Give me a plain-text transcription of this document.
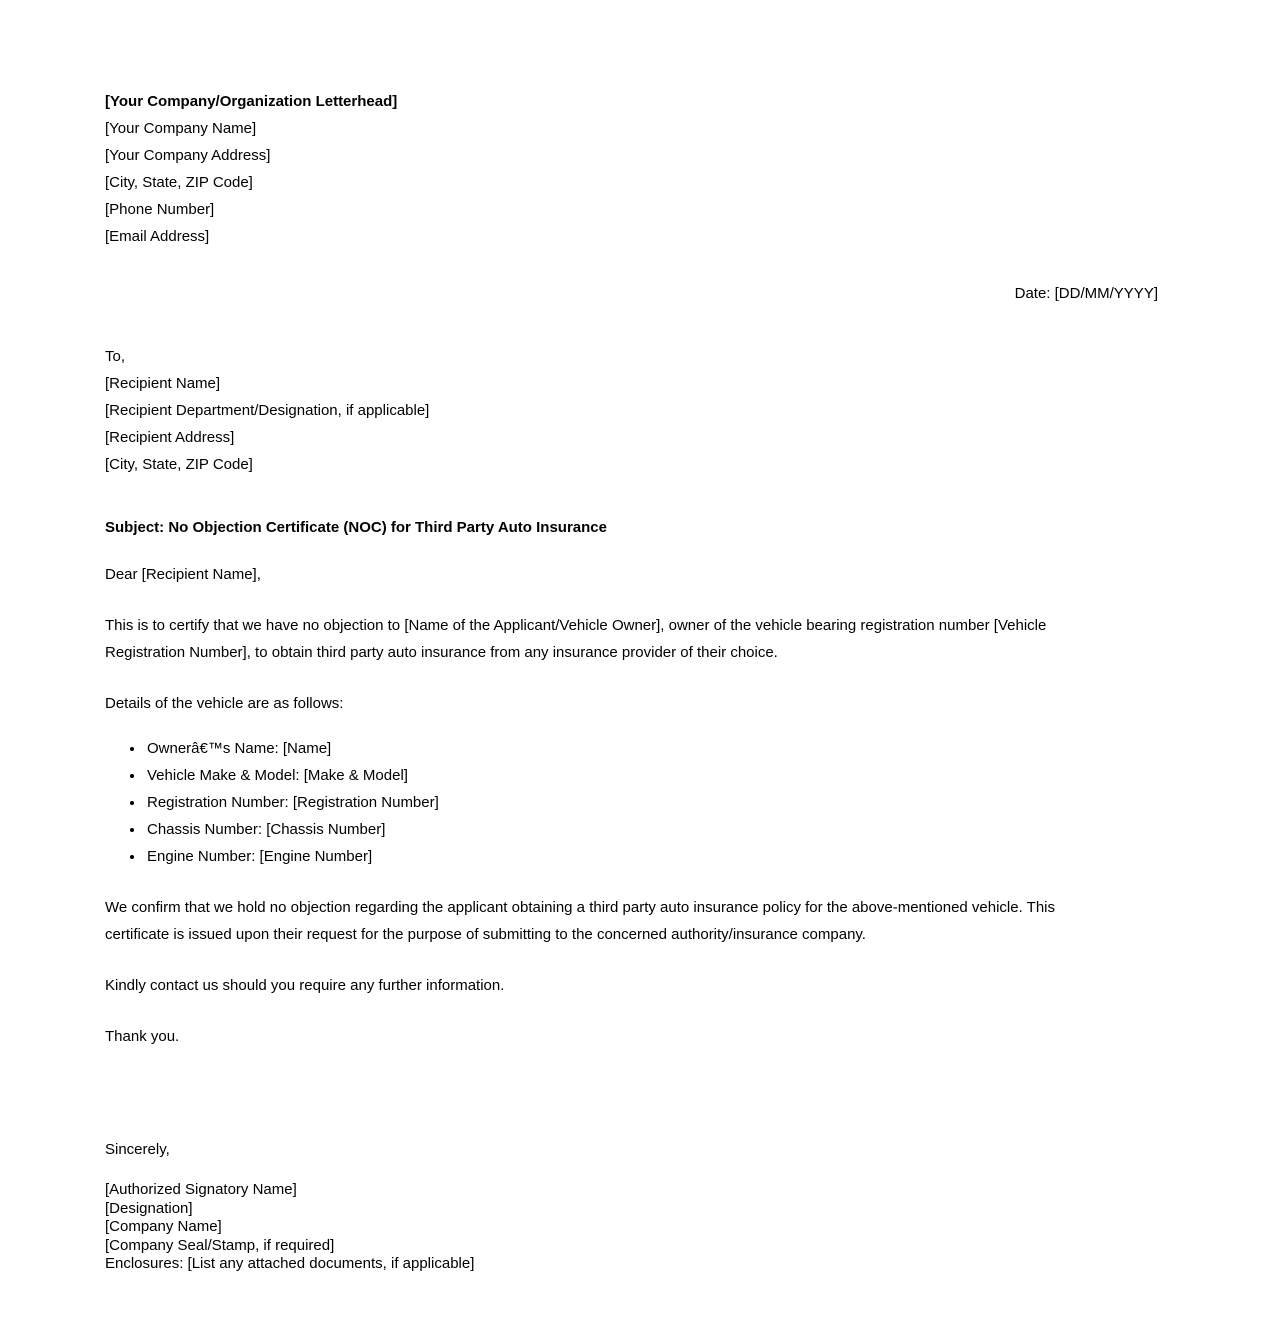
[Your Company/Organization Letterhead]
[Your Company Name]
[Your Company Address]
[City, State, ZIP Code]
[Phone Number]
[Email Address]
Date: [DD/MM/YYYY]
To,
[Recipient Name]
[Recipient Department/Designation, if applicable]
[Recipient Address]
[City, State, ZIP Code]
Subject: No Objection Certificate (NOC) for Third Party Auto Insurance
Dear [Recipient Name],
This is to certify that we have no objection to [Name of the Applicant/Vehicle Owner], owner of the vehicle bearing registration number [Vehicle Registration Number], to obtain third party auto insurance from any insurance provider of their choice.
Details of the vehicle are as follows:
• Ownerâ€™s Name: [Name]
• Vehicle Make & Model: [Make & Model]
• Registration Number: [Registration Number]
• Chassis Number: [Chassis Number]
• Engine Number: [Engine Number]
We confirm that we hold no objection regarding the applicant obtaining a third party auto insurance policy for the above-mentioned vehicle. This certificate is issued upon their request for the purpose of submitting to the concerned authority/insurance company.
Kindly contact us should you require any further information.
Thank you.
Sincerely,
[Authorized Signatory Name]
[Designation]
[Company Name]
[Company Seal/Stamp, if required]
Enclosures: [List any attached documents, if applicable]
